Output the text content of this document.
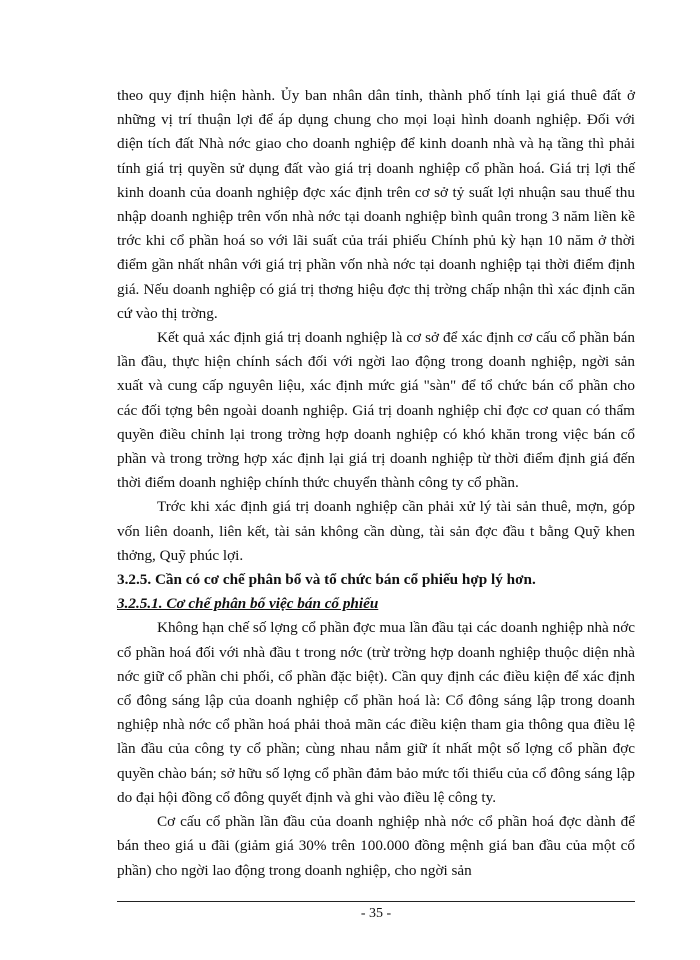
theo quy định hiện hành. Ủy ban nhân dân tỉnh, thành phố tính lại giá thuê đất ở những vị trí thuận lợi để áp dụng chung cho mọi loại hình doanh nghiệp. Đối với diện tích đất Nhà nớc giao cho doanh nghiệp để kinh doanh nhà và hạ tầng thì phải tính giá trị quyền sử dụng đất vào giá trị doanh nghiệp cổ phần hoá. Giá trị lợi thế kinh doanh của doanh nghiệp đợc xác định trên cơ sở tỷ suất lợi nhuận sau thuế thu nhập doanh nghiệp trên vốn nhà nớc tại doanh nghiệp bình quân trong 3 năm liền kề trớc khi cổ phần hoá so với lãi suất của trái phiếu Chính phủ kỳ hạn 10 năm ở thời điểm gần nhất nhân với giá trị phần vốn nhà nớc tại doanh nghiệp tại thời điểm định giá. Nếu doanh nghiệp có giá trị thơng hiệu đợc thị trờng chấp nhận thì xác định căn cứ vào thị trờng.

Kết quả xác định giá trị doanh nghiệp là cơ sở để xác định cơ cấu cổ phần bán lần đầu, thực hiện chính sách đối với ngời lao động trong doanh nghiệp, ngời sản xuất và cung cấp nguyên liệu, xác định mức giá "sàn" để tổ chức bán cổ phần cho các đối tợng bên ngoài doanh nghiệp. Giá trị doanh nghiệp chỉ đợc cơ quan có thẩm quyền điều chỉnh lại trong trờng hợp doanh nghiệp có khó khăn trong việc bán cổ phần và trong trờng hợp xác định lại giá trị doanh nghiệp từ thời điểm định giá đến thời điểm doanh nghiệp chính thức chuyển thành công ty cổ phần.

Trớc khi xác định giá trị doanh nghiệp cần phải xử lý tài sản thuê, mợn, góp vốn liên doanh, liên kết, tài sản không cần dùng, tài sản đợc đầu t bằng Quỹ khen thởng, Quỹ phúc lợi.

3.2.5. Cần có cơ chế phân bổ và tổ chức bán cổ phiếu hợp lý hơn.

3.2.5.1. Cơ chế phân bổ việc bán cổ phiếu

Không hạn chế số lợng cổ phần đợc mua lần đầu tại các doanh nghiệp nhà nớc cổ phần hoá đối với nhà đầu t trong nớc (trừ trờng hợp doanh nghiệp thuộc diện nhà nớc giữ cổ phần chi phối, cổ phần đặc biệt). Cần quy định các điều kiện để xác định cổ đông sáng lập của doanh nghiệp cổ phần hoá là: Cổ đông sáng lập trong doanh nghiệp nhà nớc cổ phần hoá phải thoả mãn các điều kiện tham gia thông qua điều lệ lần đầu của công ty cổ phần; cùng nhau nắm giữ ít nhất một số lợng cổ phần đợc quyền chào bán; sở hữu số lợng cổ phần đảm bảo mức tối thiểu của cổ đông sáng lập do đại hội đồng cổ đông quyết định và ghi vào điều lệ công ty.

Cơ cấu cổ phần lần đầu của doanh nghiệp nhà nớc cổ phần hoá đợc dành để bán theo giá u đãi (giảm giá 30% trên 100.000 đồng mệnh giá ban đầu của một cổ phần) cho ngời lao động trong doanh nghiệp, cho ngời sản

- 35 -
